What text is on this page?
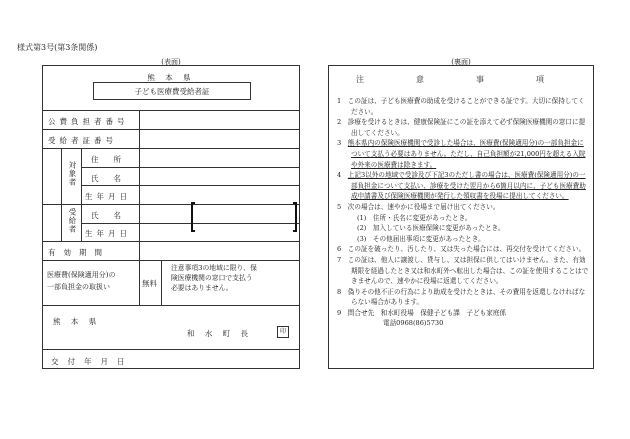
様式第3号(第3条関係)
(表面)
熊 本 県
子ども医療費受給者証
公費負担者番号
受給者証番号
対象者
住　　所
氏　　名
生年月日
受給者 氏　　名
生年月日
有効期間
医療費(保険適用分)の
一部負担金の取扱い	無料
注意事項3の地域に限り、保険医療機関の窓口で支払う必要はありません。
熊 本 県
和 水 町 長	印
交付年月日
(裏面)
注　意　事　項

1　 この証は、子ども医療費の助成を受けることができる証です。大切に保持してください。

2　 診療を受けるときは、健康保険証にこの証を添えて必ず保険医療機関の窓口に提出してください。

3　 熊本県内の保険医療機関で受診した場合は、医療費(保険適用分)の一部負担金について支払う必要はありません。ただし、自己負担額が21,000円を超える入院や外来の医療費は除きます。

4　 上記3以外の地域で受診及び下記3のただし書の場合は、医療費(保険適用分)の一部負担金について支払い、診療を受けた翌月から6箇月以内に、子ども医療費助成申請書及び保険医療機関が発行した領収書を役場に提出してください。

5　 次の場合は、速やかに役場まで届け出てください。

(1)　住所・氏名に変更があったとき。

(2)　加入している医療保険に変更があったとき。

(3)　その他届出事項に変更があったとき。

6　 この証を破ったり、汚したり、又は失った場合には、再交付を受けてください。

7　 この証は、他人に譲渡し、貸与し、又は担保に供してはいけません。また、有効期限を経過したとき又は和水町外へ転出した場合は、この証を使用することはできませんので、速やかに役場に返還してください。

8　 偽りその他不正の行為により助成を受けたときは、その費用を返還しなければならない場合があります。

9　問合せ先　 和水町役場　保健子ども課　子ども家庭係

電話0968(86)5730
